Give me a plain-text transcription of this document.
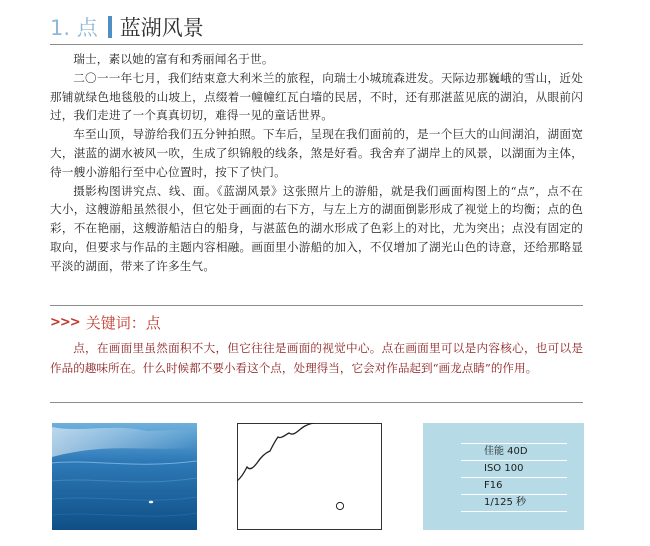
1. 点 蓝湖风景

瑞士，素以她的富有和秀丽闻名于世。

二〇一一年七月，我们结束意大利米兰的旅程，向瑞士小城琉森进发。天际边那巍峨的雪山，近处那铺就绿色地毯般的山坡上，点缀着一幢幢红瓦白墙的民居，不时，还有那湛蓝见底的湖泊，从眼前闪过，我们走进了一个真真切切，难得一见的童话世界。

车至山顶，导游给我们五分钟拍照。下车后，呈现在我们面前的，是一个巨大的山间湖泊，湖面宽大，湛蓝的湖水被风一吹，生成了织锦般的线条，煞是好看。我舍弃了湖岸上的风景，以湖面为主体，待一艘小游船行至中心位置时，按下了快门。

摄影构图讲究点、线、面。《蓝湖风景》这张照片上的游船，就是我们画面构图上的“点”，点不在大小，这艘游船虽然很小，但它处于画面的右下方，与左上方的湖面倒影形成了视觉上的均衡；点的色彩，不在艳丽，这艘游船洁白的船身，与湛蓝色的湖水形成了色彩上的对比，尤为突出；点没有固定的取向，但要求与作品的主题内容相融。画面里小游船的加入，不仅增加了湖光山色的诗意，还给那略显平淡的湖面，带来了许多生气。

>>> 关键词：点

点，在画面里虽然面积不大，但它往往是画面的视觉中心。点在画面里可以是内容核心，也可以是作品的趣味所在。什么时候都不要小看这个点，处理得当，它会对作品起到“画龙点睛”的作用。

佳能 40D
ISO 100
F16
1/125 秒
